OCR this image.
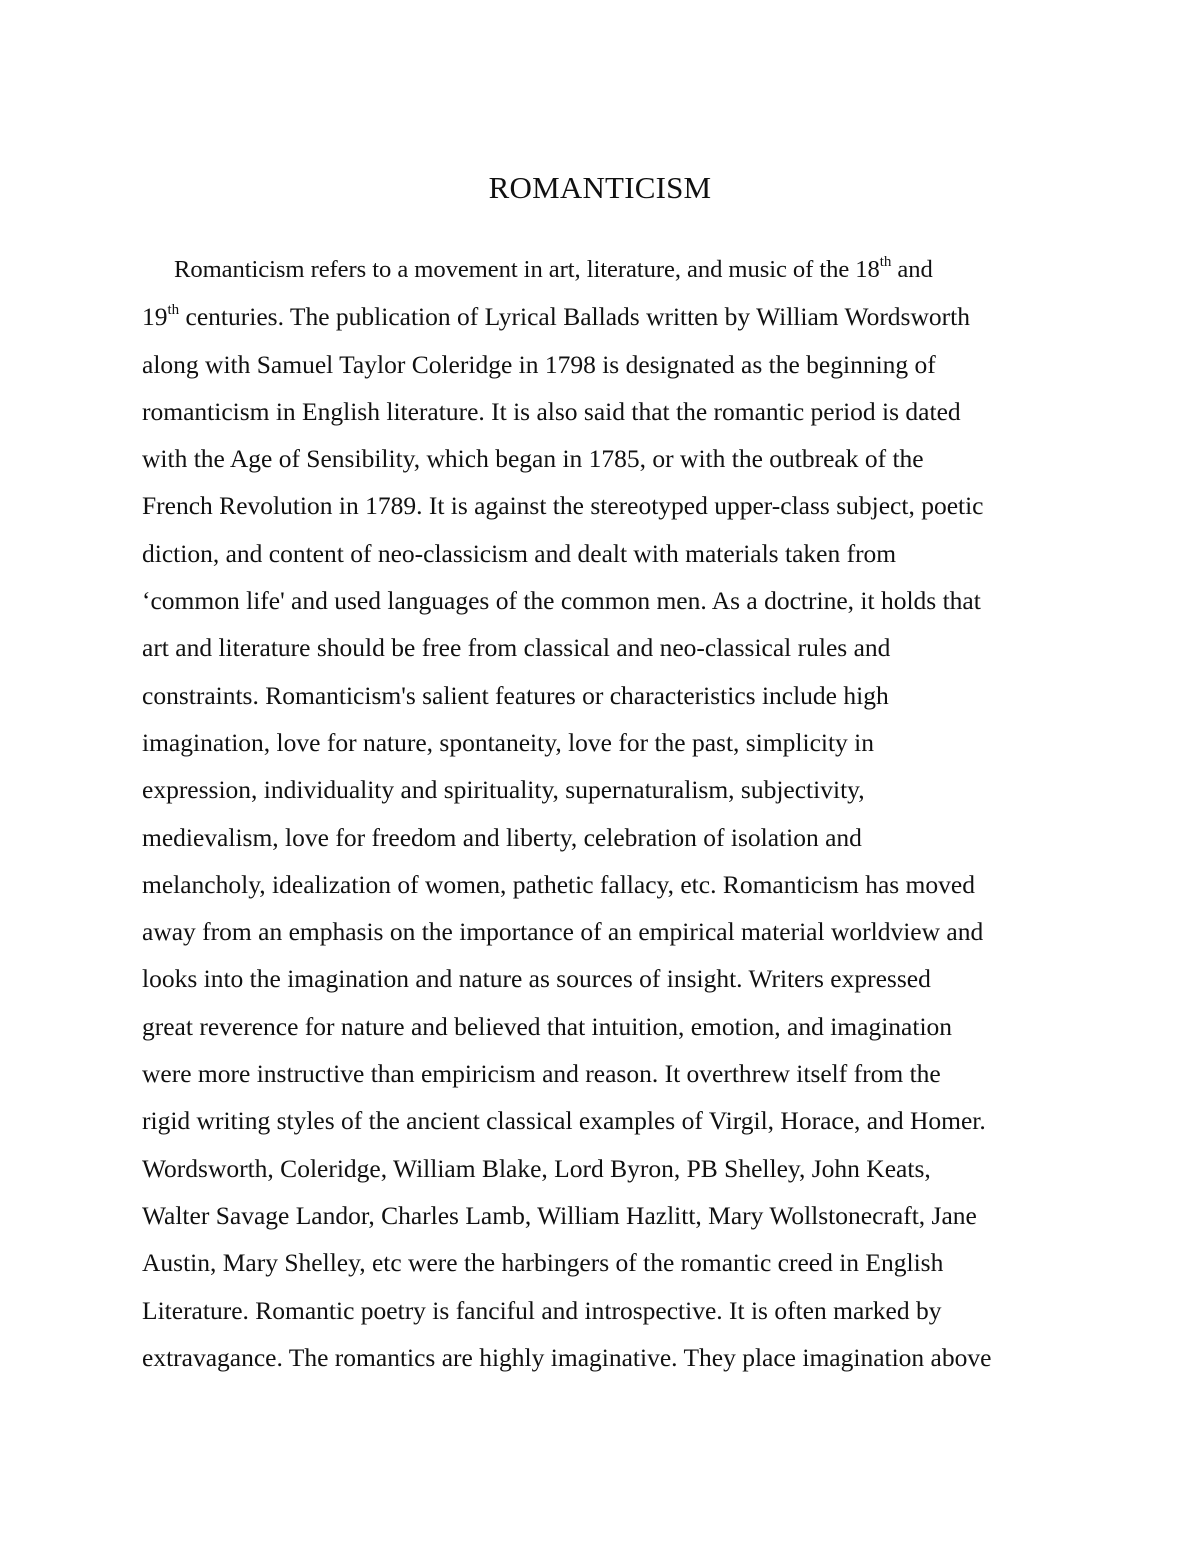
ROMANTICISM
Romanticism refers to a movement in art, literature, and music of the 18th and
19th centuries. The publication of Lyrical Ballads written by William Wordsworth
along with Samuel Taylor Coleridge in 1798 is designated as the beginning of
romanticism in English literature. It is also said that the romantic period is dated
with the Age of Sensibility, which began in 1785, or with the outbreak of the
French Revolution in 1789. It is against the stereotyped upper-class subject, poetic
diction, and content of neo-classicism and dealt with materials taken from
‘common life' and used languages of the common men. As a doctrine, it holds that
art and literature should be free from classical and neo-classical rules and
constraints. Romanticism's salient features or characteristics include high
imagination, love for nature, spontaneity, love for the past, simplicity in
expression, individuality and spirituality, supernaturalism, subjectivity,
medievalism, love for freedom and liberty, celebration of isolation and
melancholy, idealization of women, pathetic fallacy, etc. Romanticism has moved
away from an emphasis on the importance of an empirical material worldview and
looks into the imagination and nature as sources of insight. Writers expressed
great reverence for nature and believed that intuition, emotion, and imagination
were more instructive than empiricism and reason. It overthrew itself from the
rigid writing styles of the ancient classical examples of Virgil, Horace, and Homer.
Wordsworth, Coleridge, William Blake, Lord Byron, PB Shelley, John Keats,
Walter Savage Landor, Charles Lamb, William Hazlitt, Mary Wollstonecraft, Jane
Austin, Mary Shelley, etc were the harbingers of the romantic creed in English
Literature. Romantic poetry is fanciful and introspective. It is often marked by
extravagance. The romantics are highly imaginative. They place imagination above
